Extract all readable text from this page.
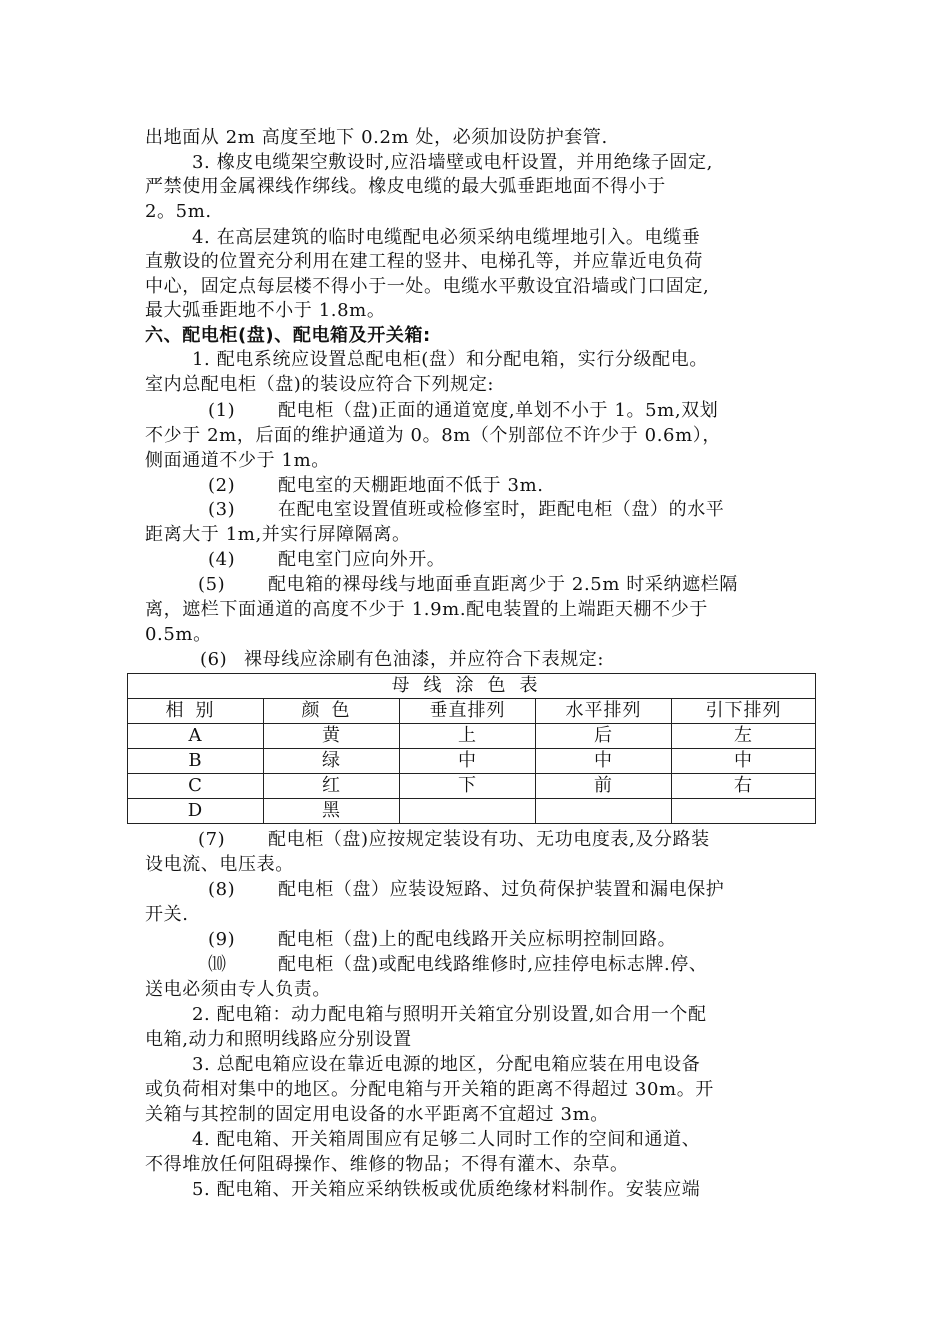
出地面从 2m 高度至地下 0.2m 处，必须加设防护套管.
3. 橡皮电缆架空敷设时,应沿墙壁或电杆设置，并用绝缘子固定,
严禁使用金属裸线作绑线。橡皮电缆的最大弧垂距地面不得小于
2。5m.
4. 在高层建筑的临时电缆配电必须采纳电缆埋地引入。电缆垂
直敷设的位置充分利用在建工程的竖井、电梯孔等，并应靠近电负荷
中心，固定点每层楼不得小于一处。电缆水平敷设宜沿墙或门口固定,
最大弧垂距地不小于 1.8m。
六、配电柜(盘)、配电箱及开关箱:
1. 配电系统应设置总配电柜(盘）和分配电箱，实行分级配电。
室内总配电柜（盘)的装设应符合下列规定:
(1) 配电柜（盘)正面的通道宽度,单划不小于 1。5m,双划
不少于 2m，后面的维护通道为 0。8m（个别部位不许少于 0.6m），
侧面通道不少于 1m。
(2) 配电室的天棚距地面不低于 3m.
(3) 在配电室设置值班或检修室时，距配电柜（盘）的水平
距离大于 1m,并实行屏障隔离。
(4) 配电室门应向外开。
(5) 配电箱的裸母线与地面垂直距离少于 2.5m 时采纳遮栏隔
离，遮栏下面通道的高度不少于 1.9m.配电装置的上端距天棚不少于
0.5m。
(6) 裸母线应涂刷有色油漆，并应符合下表规定:
母线涂色表				
相别	颜色	垂直排列	水平排列	引下排列
A	黄	上	后	左
B	绿	中	中	中
C	红	下	前	右
D	黑			
(7) 配电柜（盘)应按规定装设有功、无功电度表,及分路装
设电流、电压表。
(8) 配电柜（盘）应装设短路、过负荷保护装置和漏电保护
开关.
(9) 配电柜（盘)上的配电线路开关应标明控制回路。
⑽	配电柜（盘)或配电线路维修时,应挂停电标志牌.停、
送电必须由专人负责。
2. 配电箱：动力配电箱与照明开关箱宜分别设置,如合用一个配
电箱,动力和照明线路应分别设置
3. 总配电箱应设在靠近电源的地区，分配电箱应装在用电设备
或负荷相对集中的地区。分配电箱与开关箱的距离不得超过 30m。开
关箱与其控制的固定用电设备的水平距离不宜超过 3m。
4. 配电箱、开关箱周围应有足够二人同时工作的空间和通道、
不得堆放任何阻碍操作、维修的物品；不得有灌木、杂草。
5. 配电箱、开关箱应采纳铁板或优质绝缘材料制作。安装应端
